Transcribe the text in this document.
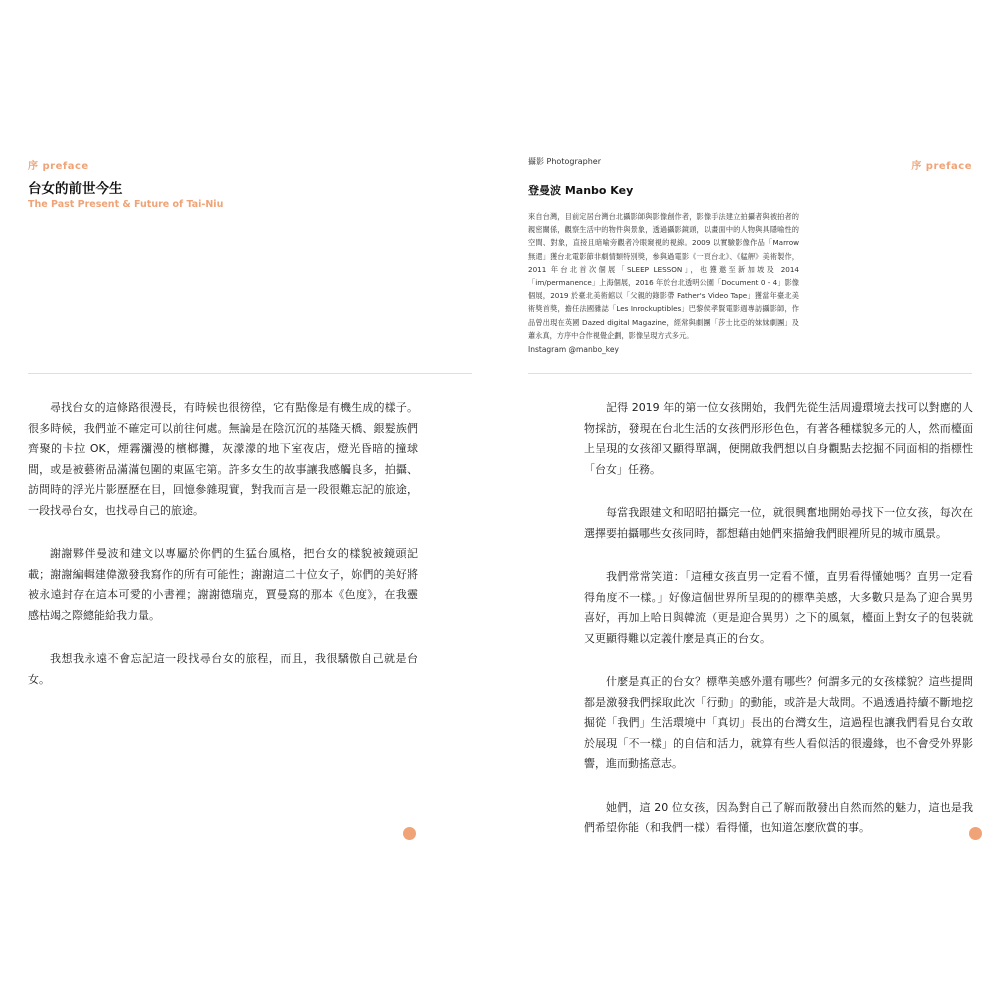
序 preface
台女的前世今生
The Past Present & Future of Tai-Niu

尋找台女的這條路很漫長，有時候也很徬徨，它有點像是有機生成的樣子。很多時候，我們並不確定可以前往何處。無論是在陰沉沉的基隆天橋、銀髮族們齊聚的卡拉 OK，煙霧瀰漫的檳榔攤，灰濛濛的地下室夜店，燈光昏暗的撞球間，或是被藝術品滿滿包圍的東區宅第。許多女生的故事讓我感觸良多，拍攝、訪問時的浮光片影歷歷在目，回憶參雜現實，對我而言是一段很難忘記的旅途，一段找尋台女，也找尋自己的旅途。

謝謝夥伴曼波和建文以專屬於你們的生猛台風格，把台女的樣貌被鏡頭記載；謝謝編輯建偉激發我寫作的所有可能性；謝謝這二十位女子，妳們的美好將被永遠封存在這本可愛的小書裡；謝謝德瑞克，賈曼寫的那本《色度》，在我靈感枯竭之際總能給我力量。

我想我永遠不會忘記這一段找尋台女的旅程，而且，我很驕傲自己就是台女。

攝影 Photographer	序 preface
登曼波 Manbo Key

來自台灣，目前定居台灣台北攝影師與影像創作者，影像手法建立拍攝者與被拍者的親密關係，觀察生活中的物件與景象，透過攝影鏡頭，以畫面中的人物與具隱喻性的空間、對象，直接且暗喻旁觀者冷眼窺視的視線。2009 以實驗影像作品「Marrow 無還」獲台北電影節非劇情類特別獎，參與過電影《一頁台北》、《艋舺》美術製作，2011 年台北首次個展「SLEEP LESSON」，也獲邀至新加坡及 2014「im/permanence」上海個展，2016 年於台北透明公園「Document 0 - 4」影像個展，2019 於臺北美術館以「父親的錄影帶 Father's Video Tape」獲當年臺北美術獎首獎，擔任法國雜誌「Les Inrockuptibles」巴黎侯孝賢電影週專訪攝影師，作品曾出現在英國 Dazed digital Magazine，經常與劇團「莎士比亞的妹妹劇團」及蕭永真，方序中合作視覺企劃，影像呈現方式多元。

Instagram @manbo_key

記得 2019 年的第一位女孩開始，我們先從生活周邊環境去找可以對應的人物採訪，發現在台北生活的女孩們形形色色，有著各種樣貌多元的人，然而檯面上呈現的女孩卻又顯得單調，便開啟我們想以自身觀點去挖掘不同面相的指標性「台女」任務。

每當我跟建文和昭昭拍攝完一位，就很興奮地開始尋找下一位女孩，每次在選擇要拍攝哪些女孩同時，都想藉由她們來描繪我們眼裡所見的城市風景。

我們常常笑道：「這種女孩直男一定看不懂，直男看得懂她嗎？直男一定看得角度不一樣。」好像這個世界所呈現的的標準美感，大多數只是為了迎合異男喜好，再加上哈日與韓流（更是迎合異男）之下的風氣，檯面上對女子的包裝就又更顯得難以定義什麼是真正的台女。

什麼是真正的台女？標準美感外還有哪些？何謂多元的女孩樣貌？這些提問都是激發我們採取此次「行動」的動能，或許是大哉問。不過透過持續不斷地挖掘從「我們」生活環境中「真切」長出的台灣女生，這過程也讓我們看見台女敢於展現「不一樣」的自信和活力，就算有些人看似活的很邊緣，也不會受外界影響，進而動搖意志。

她們，這 20 位女孩，因為對自己了解而散發出自然而然的魅力，這也是我們希望你能（和我們一樣）看得懂，也知道怎麼欣賞的事。
